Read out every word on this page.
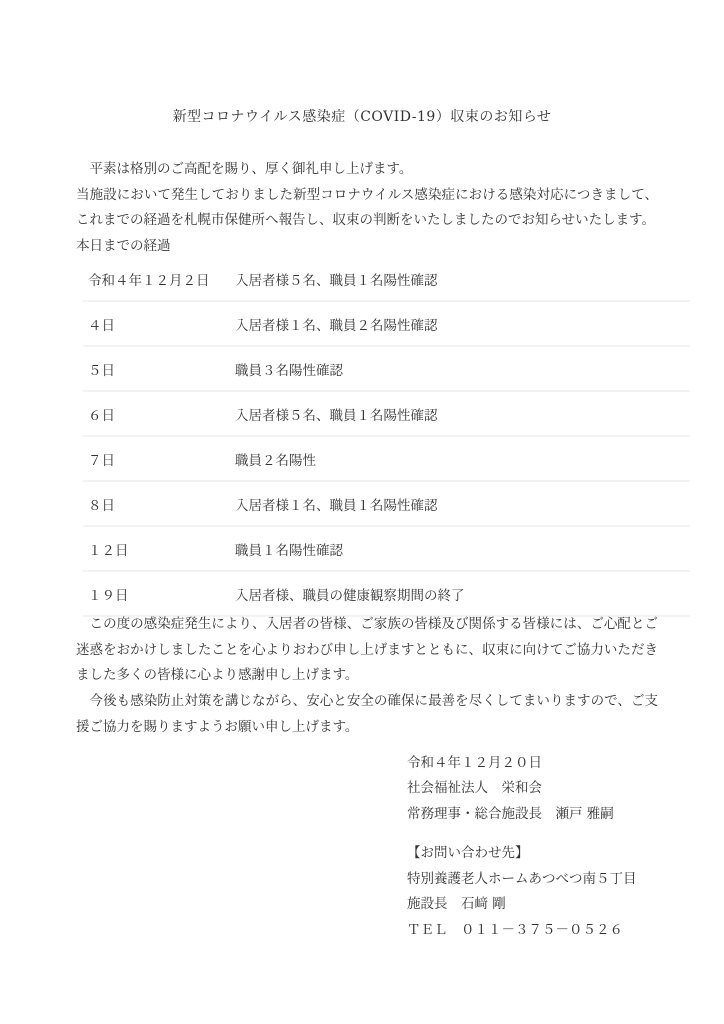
新型コロナウイルス感染症（COVID-19）収束のお知らせ

　平素は格別のご高配を賜り、厚く御礼申し上げます。

当施設において発生しておりました新型コロナウイルス感染症における感染対応につきまして、これまでの経過を札幌市保健所へ報告し、収束の判断をいたしましたのでお知らせいたします。

本日までの経過

令和４年１２月２日	入居者様５名、職員１名陽性確認
４日	入居者様１名、職員２名陽性確認
５日	職員３名陽性確認
６日	入居者様５名、職員１名陽性確認
７日	職員２名陽性
８日	入居者様１名、職員１名陽性確認
１２日	職員１名陽性確認
１９日	入居者様、職員の健康観察期間の終了

　この度の感染症発生により、入居者の皆様、ご家族の皆様及び関係する皆様には、ご心配とご迷惑をおかけしましたことを心よりおわび申し上げますとともに、収束に向けてご協力いただきました多くの皆様に心より感謝申し上げます。

　今後も感染防止対策を講じながら、安心と安全の確保に最善を尽くしてまいりますので、ご支援ご協力を賜りますようお願い申し上げます。

令和４年１２月２０日
社会福祉法人　栄和会
常務理事・総合施設長　瀬戸 雅嗣
【お問い合わせ先】
特別養護老人ホームあつべつ南５丁目
施設長　石﨑 剛
ＴＥＬ　０１１－３７５－０５２６
